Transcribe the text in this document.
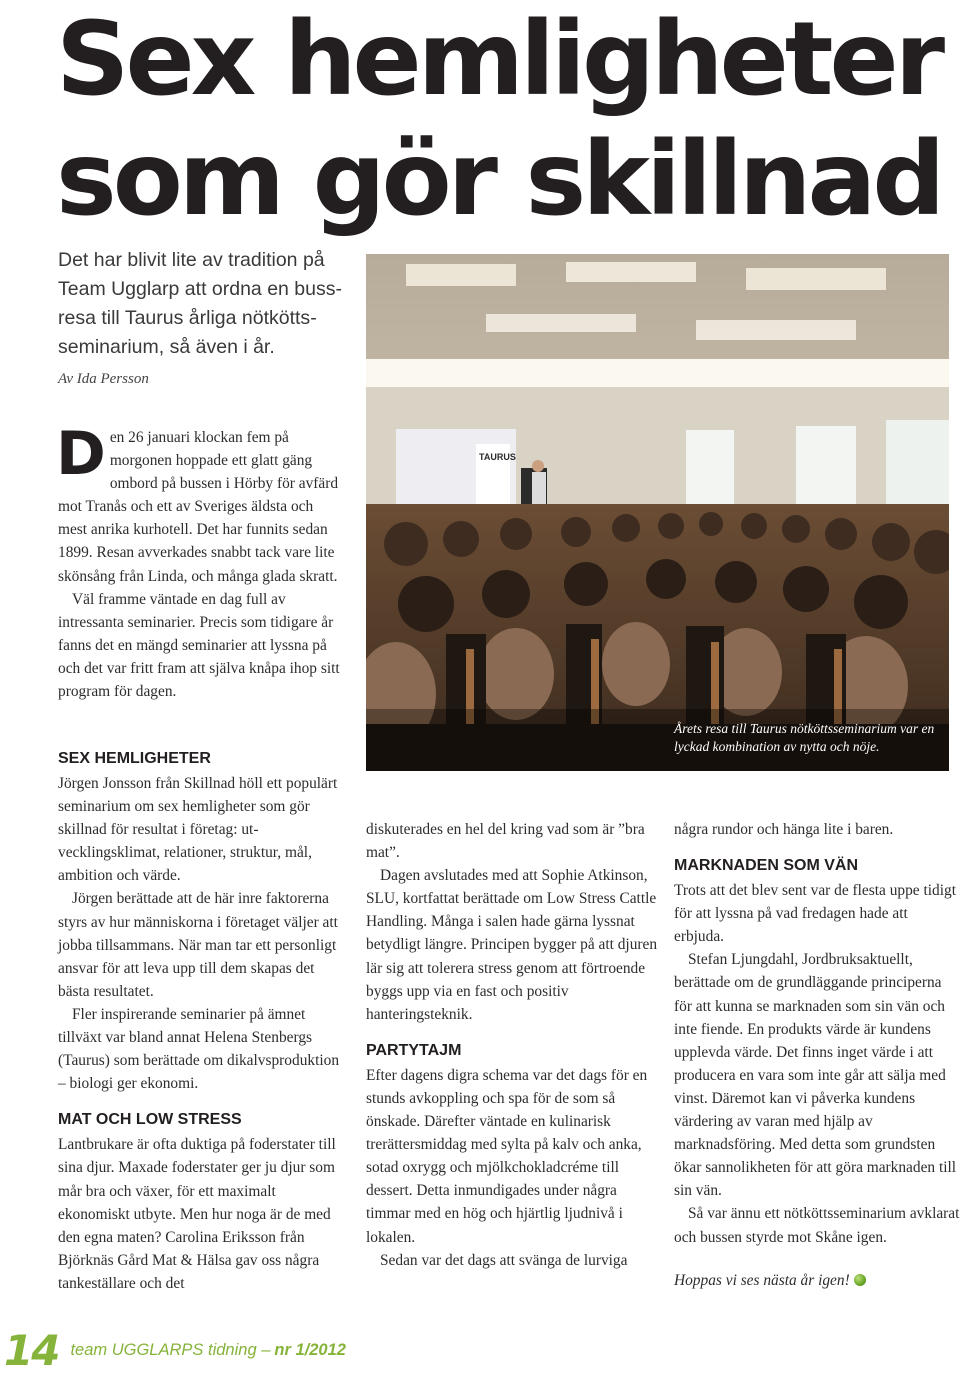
Sex hemligheter
som gör skillnad
Det har blivit lite av tradition på Team Ugglarp att ordna en bussresa till Taurus årliga nötköttsseminarium, så även i år.
Av Ida Persson

Den 26 januari klockan fem på morgonen hoppade ett glatt gäng ombord på bussen i Hörby för avfärd mot Tranås och ett av Sveriges äldsta och mest anrika kurhotell. Det har funnits sedan 1899. Resan avverkades snabbt tack vare lite skönsång från Linda, och många glada skratt.

Väl framme väntade en dag full av intressanta seminarier. Precis som tidigare år fanns det en mängd seminarier att lyssna på och det var fritt fram att själva knåpa ihop sitt program för dagen.

SEX HEMLIGHETER

Jörgen Jonsson från Skillnad höll ett populärt seminarium om sex hemligheter som gör skillnad för resultat i företag: utvecklingsklimat, relationer, struktur, mål, ambition och värde.

Jörgen berättade att de här inre faktorerna styrs av hur människorna i företaget väljer att jobba tillsammans. När man tar ett personligt ansvar för att leva upp till dem skapas det bästa resultatet.

Fler inspirerande seminarier på ämnet tillväxt var bland annat Helena Stenbergs (Taurus) som berättade om dikalvsproduktion – biologi ger ekonomi.

MAT OCH LOW STRESS

Lantbrukare är ofta duktiga på foderstater till sina djur. Maxade foderstater ger ju djur som mår bra och växer, för ett maximalt ekonomiskt utbyte. Men hur noga är de med den egna maten? Carolina Eriksson från Björknäs Gård Mat & Hälsa gav oss några tankeställare och det

TAURUS
Årets resa till Taurus nötköttsseminarium var en lyckad kombination av nytta och nöje.

diskuterades en hel del kring vad som är ”bra mat”.

Dagen avslutades med att Sophie Atkinson, SLU, kortfattat berättade om Low Stress Cattle Handling. Många i salen hade gärna lyssnat betydligt längre. Principen bygger på att djuren lär sig att tolerera stress genom att förtroende byggs upp via en fast och positiv hanteringsteknik.

PARTYTAJM

Efter dagens digra schema var det dags för en stunds avkoppling och spa för de som så önskade. Därefter väntade en kulinarisk trerättersmiddag med sylta på kalv och anka, sotad oxrygg och mjölkchokladcréme till dessert. Detta inmundigades under några timmar med en hög och hjärtlig ljudnivå i lokalen.

Sedan var det dags att svänga de lurviga

några rundor och hänga lite i baren.

MARKNADEN SOM VÄN

Trots att det blev sent var de flesta uppe tidigt för att lyssna på vad fredagen hade att erbjuda.

Stefan Ljungdahl, Jordbruksaktuellt, berättade om de grundläggande principerna för att kunna se marknaden som sin vän och inte fiende. En produkts värde är kundens upplevda värde. Det finns inget värde i att producera en vara som inte går att sälja med vinst. Däremot kan vi påverka kundens värdering av varan med hjälp av marknadsföring. Med detta som grundsten ökar sannolikheten för att göra marknaden till sin vän.

Så var ännu ett nötköttsseminarium avklarat och bussen styrde mot Skåne igen.

Hoppas vi ses nästa år igen!

14 team UGGLARPS tidning – nr 1/2012
